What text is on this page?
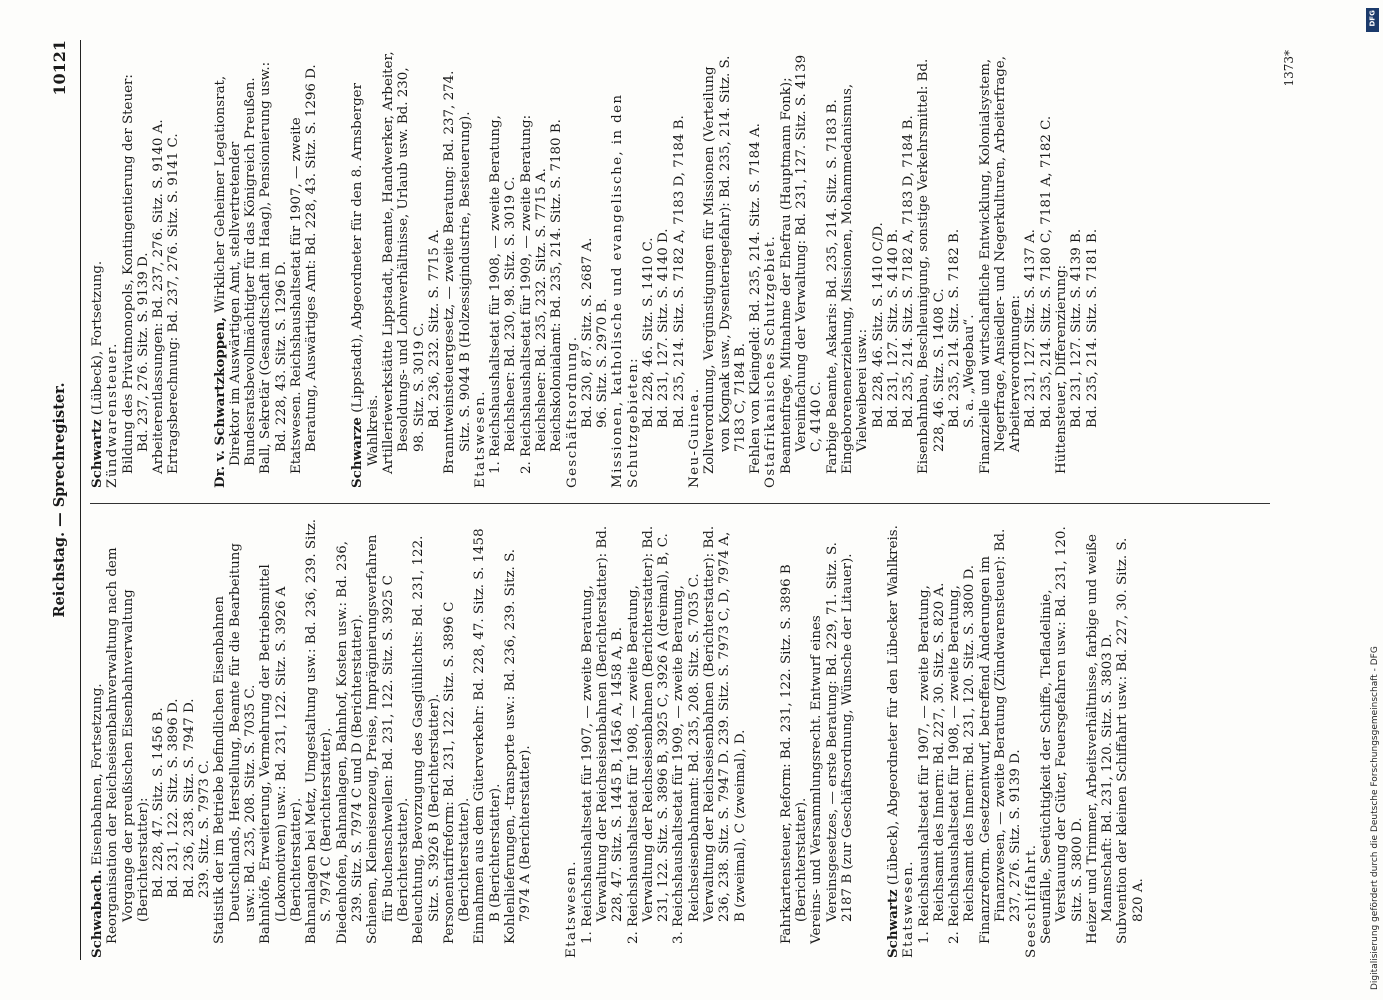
Reichstag. — Sprechregister.
10121

Schwabach. Eisenbahnen, Fortsetzung. Reorganisation der Reichseisenbahnverwaltung nach dem Vorgange der preußischen Eisenbahnverwaltung (Berichterstatter): Bd. 228, 47. Sitz. S. 1456 B. Bd. 231, 122. Sitz. S. 3896 D. Bd. 236, 238. Sitz. S. 7947 D. 239. Sitz. S. 7973 C. Statistik der im Betriebe befindlichen Eisenbahnen Deutschlands, Herstellung, Beamte für die Bearbeitung usw.: Bd. 235, 208. Sitz. S. 7035 C. Bahnhöfe, Erweiterung, Vermehrung der Betriebsmittel (Lokomotiven) usw.: Bd. 231, 122. Sitz. S. 3926 A (Berichterstatter). Bahnanlagen bei Metz, Umgestaltung usw.: Bd. 236, 239. Sitz. S. 7974 C (Berichterstatter). Diedenhofen, Bahnanlagen, Bahnhof, Kosten usw.: Bd. 236, 239. Sitz. S. 7974 C und D (Berichterstatter). Schienen, Kleineisenzeug, Preise, Imprägnierungsverfahren für Buchenschwellen: Bd. 231, 122. Sitz. S. 3925 C (Berichterstatter). Beleuchtung, Bevorzugung des Gasglühlichts: Bd. 231, 122. Sitz. S. 3926 B (Berichterstatter). Personentarifreform: Bd. 231, 122. Sitz. S. 3896 C (Berichterstatter). Einnahmen aus dem Güterverkehr: Bd. 228, 47. Sitz. S. 1458 B (Berichterstatter). Kohlenlieferungen, -transporte usw.: Bd. 236, 239. Sitz. S. 7974 A (Berichterstatter). Etatswesen. 1. Reichshaushaltsetat für 1907, — zweite Beratung, Verwaltung der Reichseisenbahnen (Berichterstatter): Bd. 228, 47. Sitz. S. 1445 B, 1456 A, 1458 A, B. 2. Reichshaushaltsetat für 1908, — zweite Beratung, Verwaltung der Reichseisenbahnen (Berichterstatter): Bd. 231, 122. Sitz. S. 3896 B, 3925 C, 3926 A (dreimal), B, C. 3. Reichshaushaltsetat für 1909, — zweite Beratung, Reichseisenbahnamt: Bd. 235, 208. Sitz. S. 7035 C. Verwaltung der Reichseisenbahnen (Berichterstatter): Bd. 236, 238. Sitz. S. 7947 D. 239. Sitz. S. 7973 C, D, 7974 A, B (zweimal), C (zweimal), D. Fahrkartensteuer, Reform: Bd. 231, 122. Sitz. S. 3896 B (Berichterstatter). Vereins- und Versammlungsrecht. Entwurf eines Vereinsgesetzes, — erste Beratung: Bd. 229, 71. Sitz. S. 2187 B (zur Geschäftsordnung, Wünsche der Litauer).

Schwartz (Lübeck), Abgeordneter für den Lübecker Wahlkreis.

Etatswesen. 1. Reichshaushaltsetat für 1907, — zweite Beratung, Reichsamt des Innern: Bd. 227, 30. Sitz. S. 820 A. 2. Reichshaushaltsetat für 1908, — zweite Beratung, Reichsamt des Innern: Bd. 231, 120. Sitz. S. 3800 D. Finanzreform. Gesetzentwurf, betreffend Änderungen im Finanzwesen, — zweite Beratung (Zündwarensteuer): Bd. 237, 276. Sitz. S. 9139 D. Seeschiffahrt. Seeunfälle, Seetüchtigkeit der Schiffe, Tiefladelinie, Verstauung der Güter, Feuersgefahren usw.: Bd. 231, 120. Sitz. S. 3800 D. Heizer und Trimmer, Arbeitsverhältnisse, farbige und weiße Mannschaft: Bd. 231, 120. Sitz. S. 3803 D. Subvention der kleinen Schiffahrt usw.: Bd. 227, 30. Sitz. S. 820 A.

Schwartz (Lübeck), Fortsetzung. Zündwarensteuer. Bildung des Privatmonopols, Kontingentierung der Steuer: Bd. 237, 276. Sitz. S. 9139 D. Arbeiterentlassungen: Bd. 237, 276. Sitz. S. 9140 A. Ertragsberechnung: Bd. 237, 276. Sitz. S. 9141 C. Dr. v. Schwartzkoppen, Wirklicher Geheimer Legationsrat, Direktor im Auswärtigen Amt, stellvertretender Bundesratsbevollmächtigter für das Königreich Preußen. Ball, Sekretär (Gesandtschaft im Haag), Pensionierung usw.: Bd. 228, 43. Sitz. S. 1296 D. Etatswesen. Reichshaushaltsetat für 1907, — zweite Beratung, Auswärtiges Amt: Bd. 228, 43. Sitz. S. 1296 D.

Schwarze (Lippstadt), Abgeordneter für den 8. Arnsberger Wahlkreis. Artilleriewerkstätte Lippstadt, Beamte, Handwerker, Arbeiter, Besoldungs- und Lohnverhältnisse, Urlaub usw. Bd. 230, 98. Sitz. S. 3019 C. Bd. 236, 232. Sitz. S. 7715 A. Branntweinsteuergesetz, — zweite Beratung: Bd. 237, 274. Sitz. S. 9044 B (Holzessigindustrie, Besteuerung). Etatswesen. 1. Reichshaushaltsetat für 1908, — zweite Beratung, Reichsheer: Bd. 230, 98. Sitz. S. 3019 C. 2. Reichshaushaltsetat für 1909, — zweite Beratung: Reichsheer: Bd. 235, 232. Sitz. S. 7715 A. Reichskolonialamt: Bd. 235, 214. Sitz. S. 7180 B. Geschäftsordnung. Bd. 230, 87. Sitz. S. 2687 A. 96. Sitz. S. 2970 B. Missionen, katholische und evangelische, in den Schutzgebieten: Bd. 228, 46. Sitz. S. 1410 C. Bd. 231, 127. Sitz. S. 4140 D. Bd. 235, 214. Sitz. S. 7182 A, 7183 D, 7184 B.

Neu-Guinea. Zollverordnung, Vergünstigungen für Missionen (Verteilung von Kognak usw., Dysenteriegefahr): Bd. 235, 214. Sitz. S. 7183 C, 7184 B. Fehlen von Kleingeld: Bd. 235, 214. Sitz. S. 7184 A. Ostafrikanisches Schutzgebiet. Beamtenfrage, Mitnahme der Ehefrau (Hauptmann Fonk); Vereinfachung der Verwaltung: Bd. 231, 127. Sitz. S. 4139 C, 4140 C. Farbige Beamte, Askaris: Bd. 235, 214. Sitz. S. 7183 B. Eingeborenenerziehung, Missionen, Mohammedanismus, Vielweiberei usw.: Bd. 228, 46. Sitz. S. 1410 C/D. Bd. 231, 127. Sitz. S. 4140 B. Bd. 235, 214. Sitz. S. 7182 A, 7183 D, 7184 B. Eisenbahnbau, Beschleunigung, sonstige Verkehrsmittel: Bd. 228, 46. Sitz. S. 1408 C. Bd. 235, 214. Sitz. S. 7182 B. S. a. „Wegebau“. Finanzielle und wirtschaftliche Entwicklung, Kolonialsystem, Negerfrage, Ansiedler- und Negerkulturen, Arbeiterfrage, Arbeiterverordnungen: Bd. 231, 127. Sitz. S. 4137 A. Bd. 235, 214. Sitz. S. 7180 C, 7181 A, 7182 C. Hüttensteuer, Differenzierung: Bd. 231, 127. Sitz. S. 4139 B. Bd. 235, 214. Sitz. S. 7181 B.

1373*
Digitalisierung gefördert durch die Deutsche Forschungsgemeinschaft - DFG
DFG
